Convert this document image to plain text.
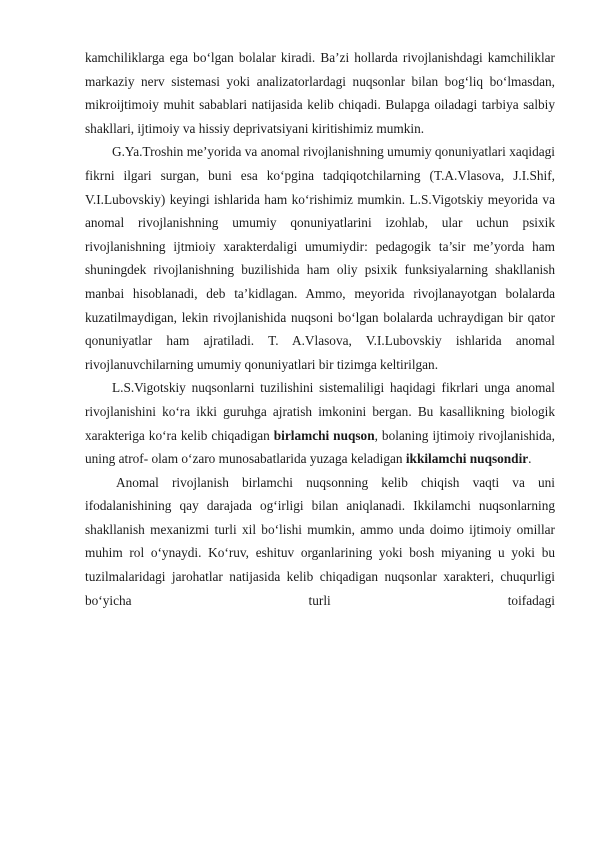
kamchiliklarga ega bo‘lgan bolalar kiradi. Ba’zi hollarda rivojlanishdagi kamchiliklar markaziy nerv sistemasi yoki analizatorlardagi nuqsonlar bilan bog‘liq bo‘lmasdan, mikroijtimoiy muhit sabablari natijasida kelib chiqadi. Bulарga oiladagi tarbiya salbiy shakllari, ijtimoiy va hissiy deprivatsiyani kiritishimiz mumkin.

G.Ya.Troshin me’yorida va anomal rivojlanishning umumiy qonuniyatlari xaqidagi fikrni ilgari surgan, buni esa ko‘pgina tadqiqotchilarning (T.A.Vlasova, J.I.Shif, V.I.Lubovskiy) keyingi ishlarida ham ko‘rishimiz mumkin. L.S.Vigotskiy meyorida va anomal rivojlanishning umumiy qonuniyatlarini izohlab, ular uchun psixik rivojlanishning ijtmioiy xarakterdaligi umumiydir: pedagogik ta’sir me’yorda ham shuningdek rivojlanishning buzilishida ham oliy psixik funksiyalarning shakllanish manbai hisoblanadi, deb ta’kidlagan. Ammo, meyorida rivojlanayotgan bolalarda kuzatilmaydigan, lekin rivojlanishida nuqsoni bo‘lgan bolalarda uchraydigan bir qator qonuniyatlar ham ajratiladi. T. A.Vlasova, V.I.Lubovskiy ishlarida anomal rivojlanuvchilarning umumiy qonuniyatlari bir tizimga keltirilgan.

L.S.Vigotskiy nuqsonlarni tuzilishini sistemaliligi haqidagi fikrlari unga anomal rivojlanishini ko‘ra ikki guruhga ajratish imkonini bergan. Bu kasallikning biologik xarakteriga ko‘ra kelib chiqadigan birlamchi nuqson, bolaning ijtimoiy rivojlanishida, uning atrof- olam o‘zaro munosabatlarida yuzaga keladigan ikkilamchi nuqsondir.

Anomal rivojlanish birlamchi nuqsonning kelib chiqish vaqti va uni ifodalanishining qay darajada og‘irligi bilan aniqlanadi. Ikkilamchi nuqsonlarning shakllanish mexanizmi turli xil bo‘lishi mumkin, ammo unda doimo ijtimoiy omillar muhim rol o‘ynaydi. Ko‘ruv, eshituv organlarining yoki bosh miyaning u yoki bu tuzilmalaridagi jarohatlar natijasida kelib chiqadigan nuqsonlar xarakteri, chuqurligi bo‘yicha turli toifadagi
